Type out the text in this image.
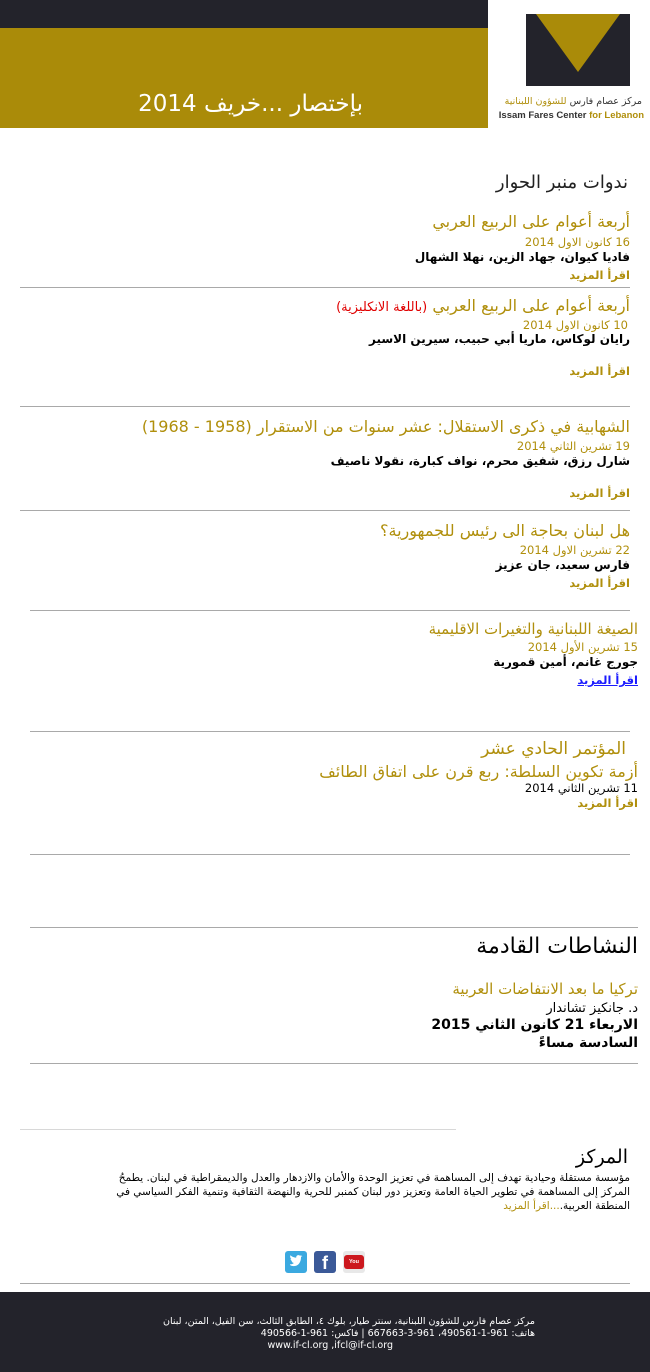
بإختصار ...خريف 2014	مركز عصام فارس للشؤون اللبنانية
Issam Fares Center for Lebanon
ندوات منبر الحوار
أربعة أعوام على الربيع العربي
16 كانون الاول 2014
فاديا كيوان، جهاد الزين، نهلا الشهال
اقرأ المزيد
أربعة أعوام على الربيع العربي (باللغة الانكليزية)
10 كانون الاول 2014
رايان لوكاس، ماريا أبي حبيب، سيرين الاسير
اقرأ المزيد
الشهابية في ذكرى الاستقلال: عشر سنوات من الاستقرار (1958 - 1968)
19 تشرين الثاني 2014
شارل رزق، شفيق محرم، نواف كبارة، نقولا ناصيف
اقرأ المزيد
هل لبنان بحاجة الى رئيس للجمهورية؟
22 تشرين الاول 2014
فارس سعيد، جان عزيز
اقرأ المزيد
الصيغة اللبنانية والتغيرات الاقليمية
15 تشرين الأول 2014
جورج غانم، أمين قمورية
اقرأ المزيد
المؤتمر الحادي عشر
أزمة تكوين السلطة: ربع قرن على اتفاق الطائف
11 تشرين الثاني 2014
اقرأ المزيد
النشاطات القادمة
تركيا ما بعد الانتفاضات العربية
د. جانكيز تشاندار
الاربعاء 21 كانون الثاني 2015
السادسة مساءً
المركز
مؤسسة مستقلة وحيادية تهدف إلى المساهمة في تعزيز الوحدة والأمان والازدهار والعدل والديمقراطية في لبنان. يطمحُ
المركز إلى المساهمة في تطوير الحياة العامة وتعزيز دور لبنان كمنبر للحرية والنهضة الثقافية وتنمية الفكر السياسي في
المنطقة العربية....اقرأ المزيد
f	You Tube
مركز عصام فارس للشؤون اللبنانية، سنتر طيار، بلوك ٤، الطابق الثالث، سن الفيل، المتن، لبنان
هاتف: 961-1-490561، 961-3-667663 | فاكس: 961-1-490566
www.if-cl.org ,ifcl@if-cl.org
